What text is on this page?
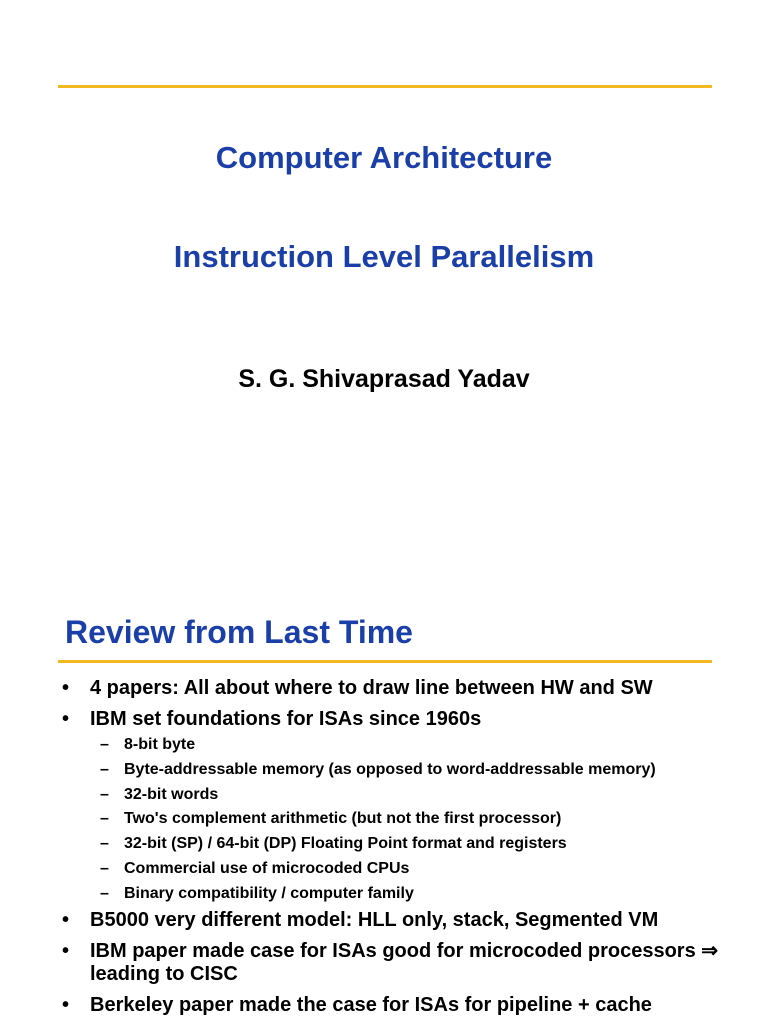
Computer Architecture
Instruction Level Parallelism
S. G. Shivaprasad Yadav
Review from Last Time
•	4 papers: All about where to draw line between HW and SW
•	IBM set foundations for ISAs since 1960s
– 8-bit byte
– Byte-addressable memory (as opposed to word-addressable memory)
– 32-bit words
– Two's complement arithmetic (but not the first processor)
– 32-bit (SP) / 64-bit (DP) Floating Point format and registers
– Commercial use of microcoded CPUs
– Binary compatibility / computer family
•	B5000 very different model: HLL only, stack, Segmented VM
•	IBM paper made case for ISAs good for microcoded processors ⇒ leading to CISC
•	Berkeley paper made the case for ISAs for pipeline + cache
